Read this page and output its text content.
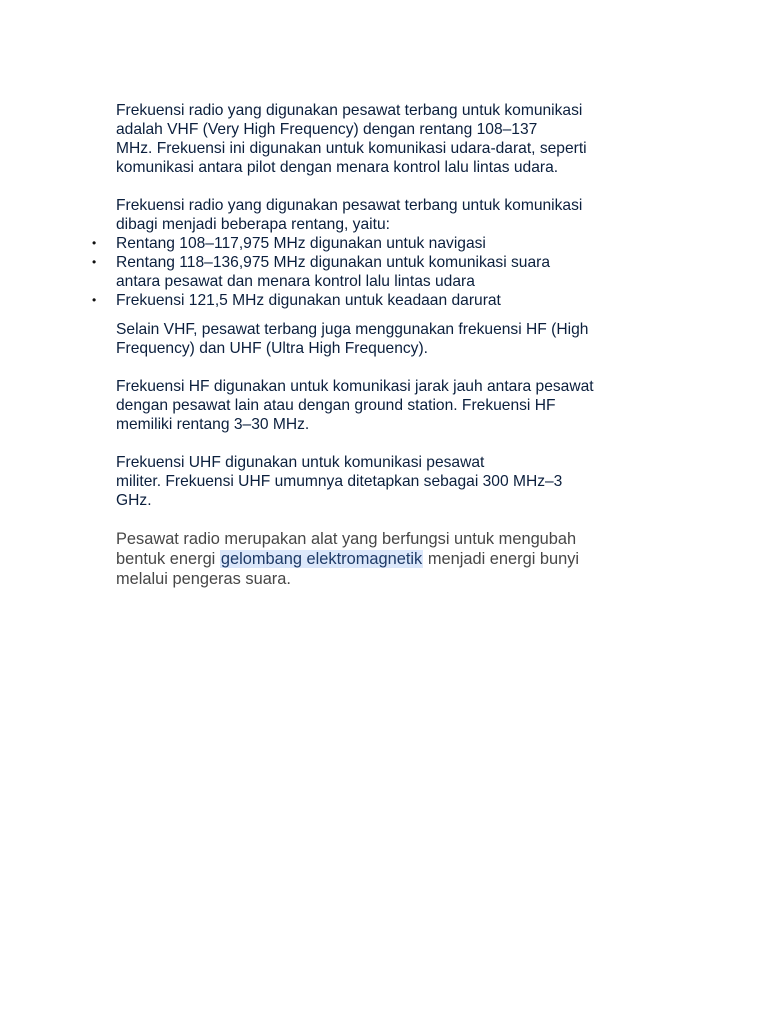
Frekuensi radio yang digunakan pesawat terbang untuk komunikasi
adalah VHF (Very High Frequency) dengan rentang 108–137
MHz. Frekuensi ini digunakan untuk komunikasi udara-darat, seperti
komunikasi antara pilot dengan menara kontrol lalu lintas udara.

Frekuensi radio yang digunakan pesawat terbang untuk komunikasi
dibagi menjadi beberapa rentang, yaitu:

• Rentang 108–117,975 MHz digunakan untuk navigasi
• Rentang 118–136,975 MHz digunakan untuk komunikasi suara
antara pesawat dan menara kontrol lalu lintas udara
• Frekuensi 121,5 MHz digunakan untuk keadaan darurat

Selain VHF, pesawat terbang juga menggunakan frekuensi HF (High
Frequency) dan UHF (Ultra High Frequency).

Frekuensi HF digunakan untuk komunikasi jarak jauh antara pesawat
dengan pesawat lain atau dengan ground station. Frekuensi HF
memiliki rentang 3–30 MHz.

Frekuensi UHF digunakan untuk komunikasi pesawat
militer. Frekuensi UHF umumnya ditetapkan sebagai 300 MHz–3
GHz.

Pesawat radio merupakan alat yang berfungsi untuk mengubah
bentuk energi gelombang elektromagnetik menjadi energi bunyi
melalui pengeras suara.
